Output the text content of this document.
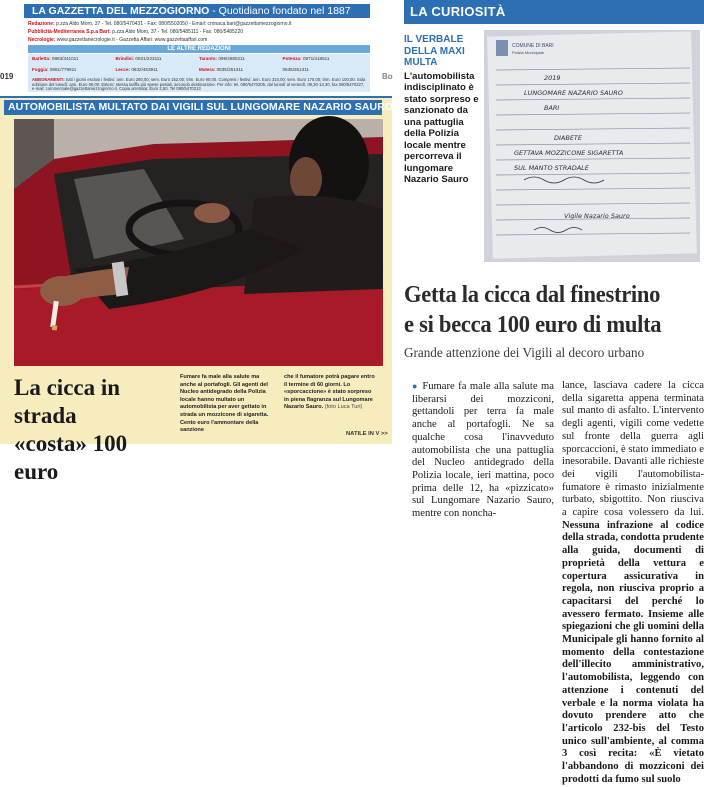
LA GAZZETTA DEL MEZZOGIORNO - Quotidiano fondato nel 1887
Redazione: p.zza Aldo Moro, 37 - Tel. 080/5470431 - Fax: 080/5502050 - Email: cronaca.bari@gazzettamezzogiorno.it
Pubblicità-Mediterranea S.p.a Bari: p.zza Aldo Moro, 37 - Tel. 080/5485111 - Fax: 080/5485220
Necrologie: www.gazzettanecrologie.it - Gazzetta Affari: www.gazzettaaffari.com
LE ALTRE REDAZIONI
Barletta: 0883/341011	Brindisi: 0831/223111	Taranto: 099/4580211	Potenza: 0971/418511
Foggia: 0881/779911	Lecce: 0832/463911	Matera: 0835/251311	0835/251311
ABBONAMENTI: tutti i giorni esclusi i festivi: ann. Euro 260,00; sem. Euro 152,00; trim. Euro 90,00. Compresi i festivi: ann. Euro 310,00; sem. Euro 175,00; trim. Euro 100,00. Sola edizione del lunedì: ann. Euro 60,00. Estero: stessa tariffa più spese postali, secondo destinazione. Per info: tel. 080/5470205, dal lunedì al venerdì, 09,30-13,30, fax 080/5470227, e-mail: commerciale@gazzettamezzogiorno.it. Copia arretrata: Euro 2,50. Tel 080/5470213
019	Bo
AUTOMOBILISTA MULTATO DAI VIGILI SUL LUNGOMARE NAZARIO SAURO
La cicca in strada
«costa» 100 euro
Fumare fa male alla salute ma anche al portafogli. Gli agenti del Nucleo antidegrado della Polizia locale hanno multato un automobilista per aver gettato in strada un mozzicone di sigaretta. Cento euro l'ammontare della sanzione
che il fumatore potrà pagare entro il termine di 60 giorni. Lo «sporcaccione» è stato sorpreso in piena flagranza sul Lungomare Nazario Sauro. (foto Luca Turi)
NATILE IN V >>
LA CURIOSITÀ
IL VERBALE DELLA MAXI MULTA
L'automobilista indisciplinato è stato sorpreso e sanzionato da una pattuglia della Polizia locale mentre percorreva il lungomare Nazario Sauro
COMUNE DI BARI
Polizia Municipale
2019
LUNGOMARE NAZARIO SAURO
BARI
DIABETE
GETTAVA MOZZICONE SIGARETTA
SUL MANTO STRADALE
Vigile Nazario Sauro
Getta la cicca dal finestrino
e si becca 100 euro di multa
Grande attenzione dei Vigili al decoro urbano
● Fumare fa male alla salute ma liberarsi dei mozziconi, gettandoli per terra fa male anche al portafogli. Ne sa qualche cosa l'inavveduto automobilista che una pattuglia del Nucleo antidegrado della Polizia locale, ieri mattina, poco prima delle 12, ha «pizzicato» sul Lungomare Nazario Sauro, mentre con noncha-
lance, lasciava cadere la cicca della sigaretta appena terminata sul manto di asfalto. L'intervento degli agenti, vigili come vedette sul fronte della guerra agli sporcaccioni, è stato immediato e inesorabile. Davanti alle richieste dei vigili l'automobilista-fumatore è rimasto inizialmente turbato, sbigottito. Non riusciva a capire cosa volessero da lui. Nessuna infrazione al codice della strada, condotta prudente alla guida, documenti di proprietà della vettura e copertura assicurativa in regola, non riusciva proprio a capacitarsi del perché lo avessero fermato. Insieme alle spiegazioni che gli uomini della Municipale gli hanno fornito al momento della contestazione dell'illecito amministrativo, l'automobilista, leggendo con attenzione i contenuti del verbale e la norma violata ha dovuto prendere atto che l'articolo 232-bis del Testo unico sull'ambiente, al comma 3 così recita: «È vietato l'abbandono di mozziconi dei prodotti da fumo sul suolo
